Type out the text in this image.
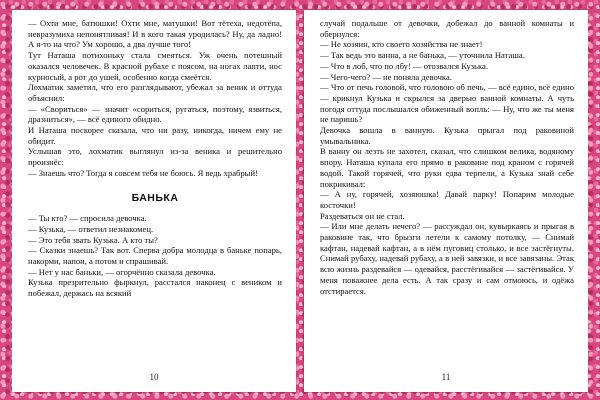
— Охти мне, батюшки! Охти мне, матушки! Вот тётеха, недотёпа, невразумиха непонятливая! И в кого такая уродилась? Ну, да ладно! А я-то на что? Ум хорошо, а два лучше того!

Тут Наташа потихоньку стала смеяться. Уж очень потешный оказался человечек. В красной рубахе с поясом, на ногах лапти, нос курносый, а рот до ушей, особенно когда смеётся.

Лохматик заметил, что его разглядывают, убежал за веник и оттуда объяснил:

— «Свориться» — значит «сориться, ругаться, поэтому, язвиться, дразниться», — всё единого обидно.

И Наташа поскорее сказала, что ни разу, никогда, ничем ему не обидит.

Услышав это, лохматик выглянул из-за веника и решительно произнёс:

— Знаешь что? Тогда я совсем тебя не боюсь. Я ведь храбрый!

БАНЬКА

— Ты кто? — спросила девочка.

— Кузька, — ответил незнакомец.

— Это тебя звать Кузька. А кто ты?

— Сказки знаешь? Так вот. Сперва добра молодца в баньке попарь, накорми, напои, а потом и спрашивай.

— Нет у нас баньки, — огорчённо сказала девочка.

Кузька презрительно фыркнул, расстался наконец с веником и побежал, держась на всякий

10

случай подальше от девочки, добежал до ванной комнаты и обернулся:

— Не хозяин, кто своего хозяйства не знает!

— Так ведь это ванна, а не банька, — уточнила Наташа.

— Что в лоб, что по лбу! — отозвался Кузька.

— Чего-чего? — не поняла девочка.

— Что от печь головой, что головою об печь, — всё едино, всё едино — крикнул Кузька и скрылся за дверью ванной комнаты. А чуть погодя оттуда послышался обиженный вопль: — Ну, что же ты меня не паришь?

Девочка вошла в ванную. Кузька прыгал под раковиной умывальника.

В ванну он лезть не захотел, сказал, что слишком велика, водяному впору. Наташа купала его прямо в раковине под краном с горячей водой. Такой горячей, что руки едва терпели, а Кузька знай себе покрикивал:

— А ну, горячей, хозяюшка! Давай парку! Попарим молодые косточки!

Раздеваться он не стал.

— Или мне делать нечего? — рассуждал он, кувыркаясь и прыгая в раковине так, что брызги летели к самому потолку, — Снимай кафтан, надевай кафтан, а в нём пуговиц столько, и все застёгнуты. Снимай рубаху, надевай рубаху, а в ней завязки, и все завязаны. Этак всю жизнь раздевайся — одевайся, расстёгивайся — застёгивайся. У меня поважнее дела есть. А так сразу и сам отмоюсь, и одёжа отстирается.

11
